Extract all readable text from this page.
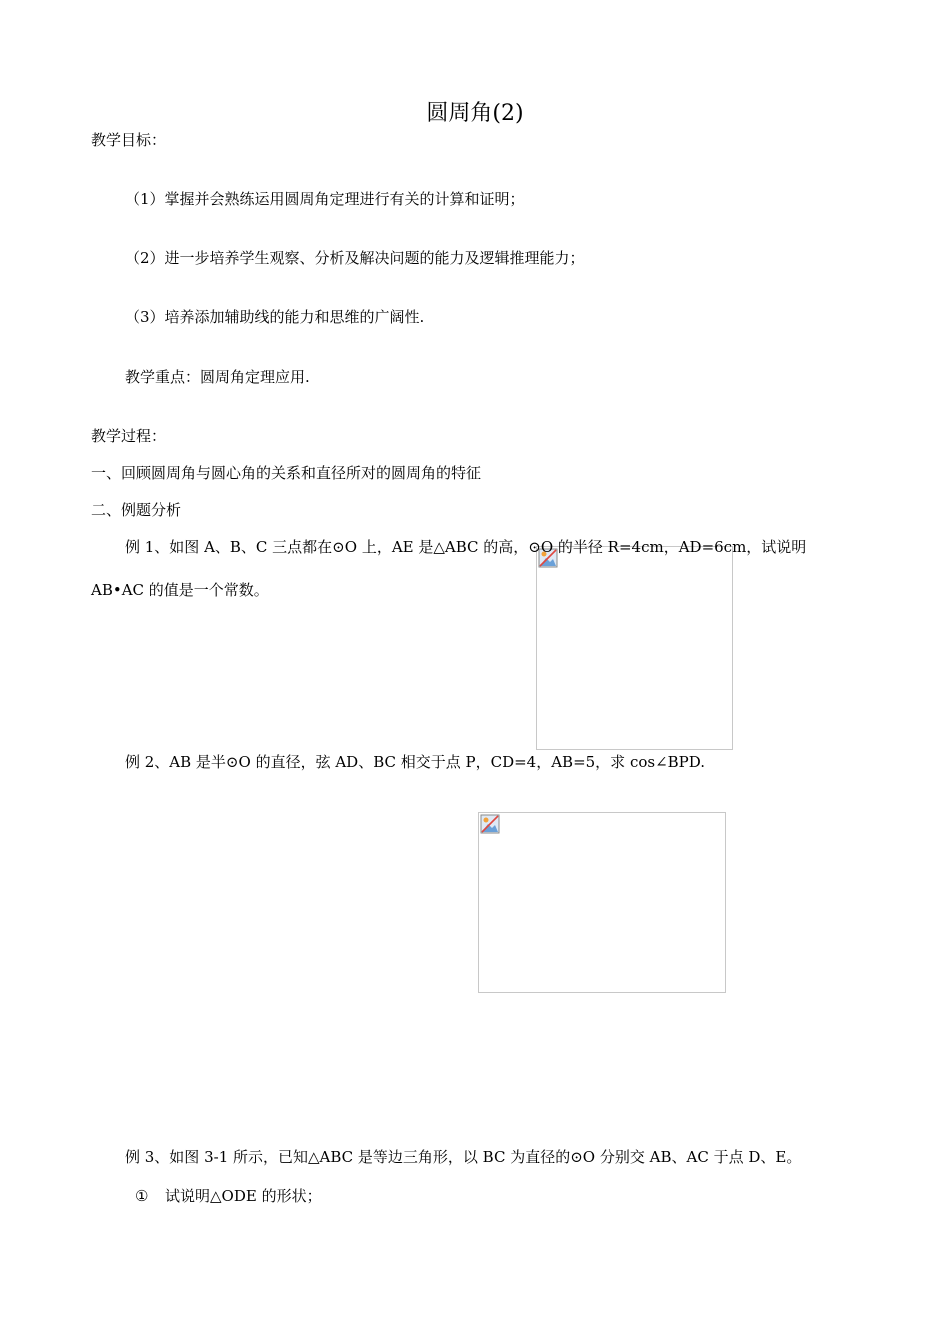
圆周角(2)
教学目标：
（1）掌握并会熟练运用圆周角定理进行有关的计算和证明；
（2）进一步培养学生观察、分析及解决问题的能力及逻辑推理能力；
（3）培养添加辅助线的能力和思维的广阔性.
教学重点：圆周角定理应用.
教学过程：
一、回顾圆周角与圆心角的关系和直径所对的圆周角的特征
二、例题分析
例 1、如图 A、B、C 三点都在⊙O 上，AE 是△ABC 的高，⊙O 的半径 R=4cm，AD=6cm，试说明
AB•AC 的值是一个常数。
例 2、AB 是半⊙O 的直径，弦 AD、BC 相交于点 P，CD=4，AB=5，求 cos∠BPD.
例 3、如图 3-1 所示，已知△ABC 是等边三角形，以 BC 为直径的⊙O 分别交 AB、AC 于点 D、E。
① 试说明△ODE 的形状；
